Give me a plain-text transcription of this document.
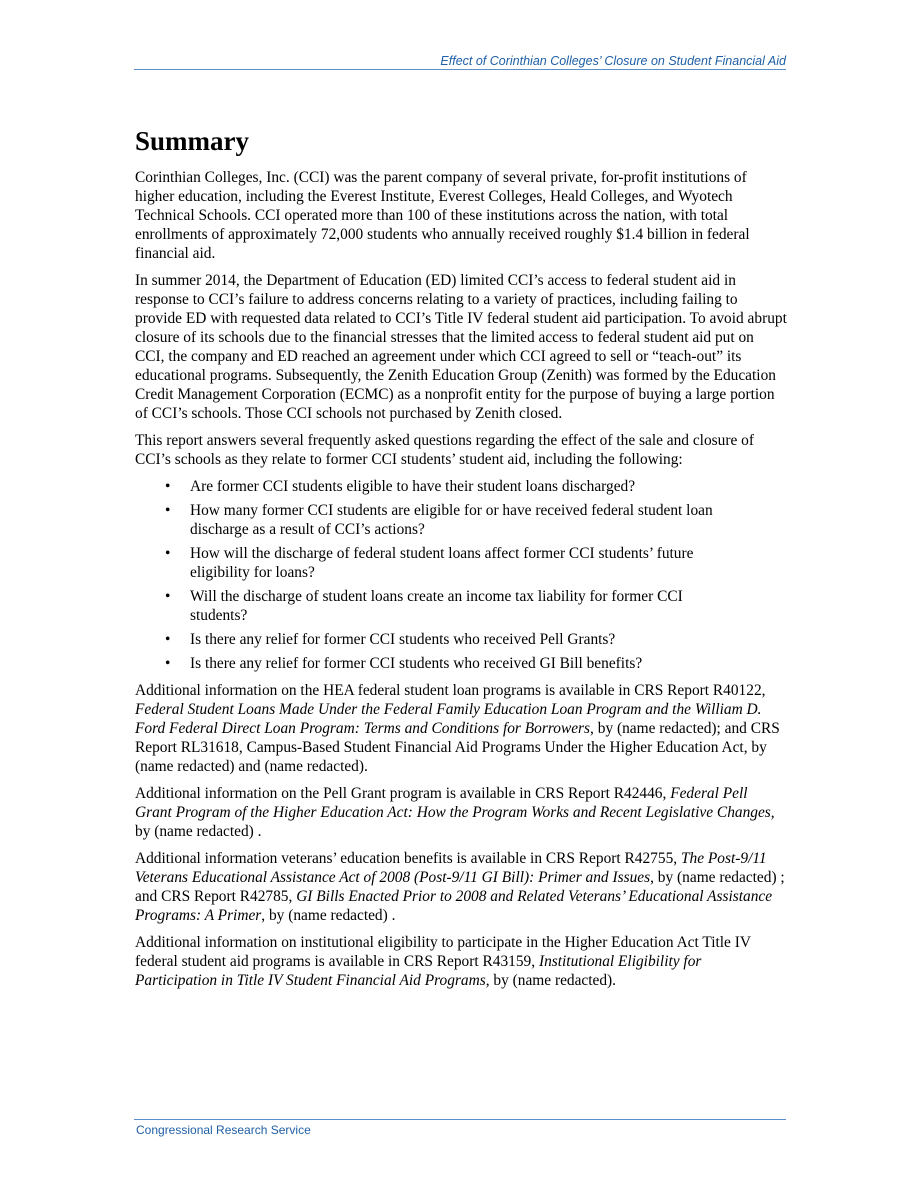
Effect of Corinthian Colleges’ Closure on Student Financial Aid
Summary

Corinthian Colleges, Inc. (CCI) was the parent company of several private, for-profit institutions of higher education, including the Everest Institute, Everest Colleges, Heald Colleges, and Wyotech Technical Schools. CCI operated more than 100 of these institutions across the nation, with total enrollments of approximately 72,000 students who annually received roughly $1.4 billion in federal financial aid.

In summer 2014, the Department of Education (ED) limited CCI’s access to federal student aid in response to CCI’s failure to address concerns relating to a variety of practices, including failing to provide ED with requested data related to CCI’s Title IV federal student aid participation. To avoid abrupt closure of its schools due to the financial stresses that the limited access to federal student aid put on CCI, the company and ED reached an agreement under which CCI agreed to sell or “teach-out” its educational programs. Subsequently, the Zenith Education Group (Zenith) was formed by the Education Credit Management Corporation (ECMC) as a nonprofit entity for the purpose of buying a large portion of CCI’s schools. Those CCI schools not purchased by Zenith closed.

This report answers several frequently asked questions regarding the effect of the sale and closure of CCI’s schools as they relate to former CCI students’ student aid, including the following:

• Are former CCI students eligible to have their student loans discharged?
• How many former CCI students are eligible for or have received federal student loan discharge as a result of CCI’s actions?
• How will the discharge of federal student loans affect former CCI students’ future eligibility for loans?
• Will the discharge of student loans create an income tax liability for former CCI students?
• Is there any relief for former CCI students who received Pell Grants?
• Is there any relief for former CCI students who received GI Bill benefits?

Additional information on the HEA federal student loan programs is available in CRS Report R40122, Federal Student Loans Made Under the Federal Family Education Loan Program and the William D. Ford Federal Direct Loan Program: Terms and Conditions for Borrowers, by (name redacted); and CRS Report RL31618, Campus-Based Student Financial Aid Programs Under the Higher Education Act, by (name redacted) and (name redacted).

Additional information on the Pell Grant program is available in CRS Report R42446, Federal Pell Grant Program of the Higher Education Act: How the Program Works and Recent Legislative Changes, by (name redacted) .

Additional information veterans’ education benefits is available in CRS Report R42755, The Post-9/11 Veterans Educational Assistance Act of 2008 (Post-9/11 GI Bill): Primer and Issues, by (name redacted) ; and CRS Report R42785, GI Bills Enacted Prior to 2008 and Related Veterans’ Educational Assistance Programs: A Primer, by (name redacted) .

Additional information on institutional eligibility to participate in the Higher Education Act Title IV federal student aid programs is available in CRS Report R43159, Institutional Eligibility for Participation in Title IV Student Financial Aid Programs, by (name redacted).

Congressional Research Service
